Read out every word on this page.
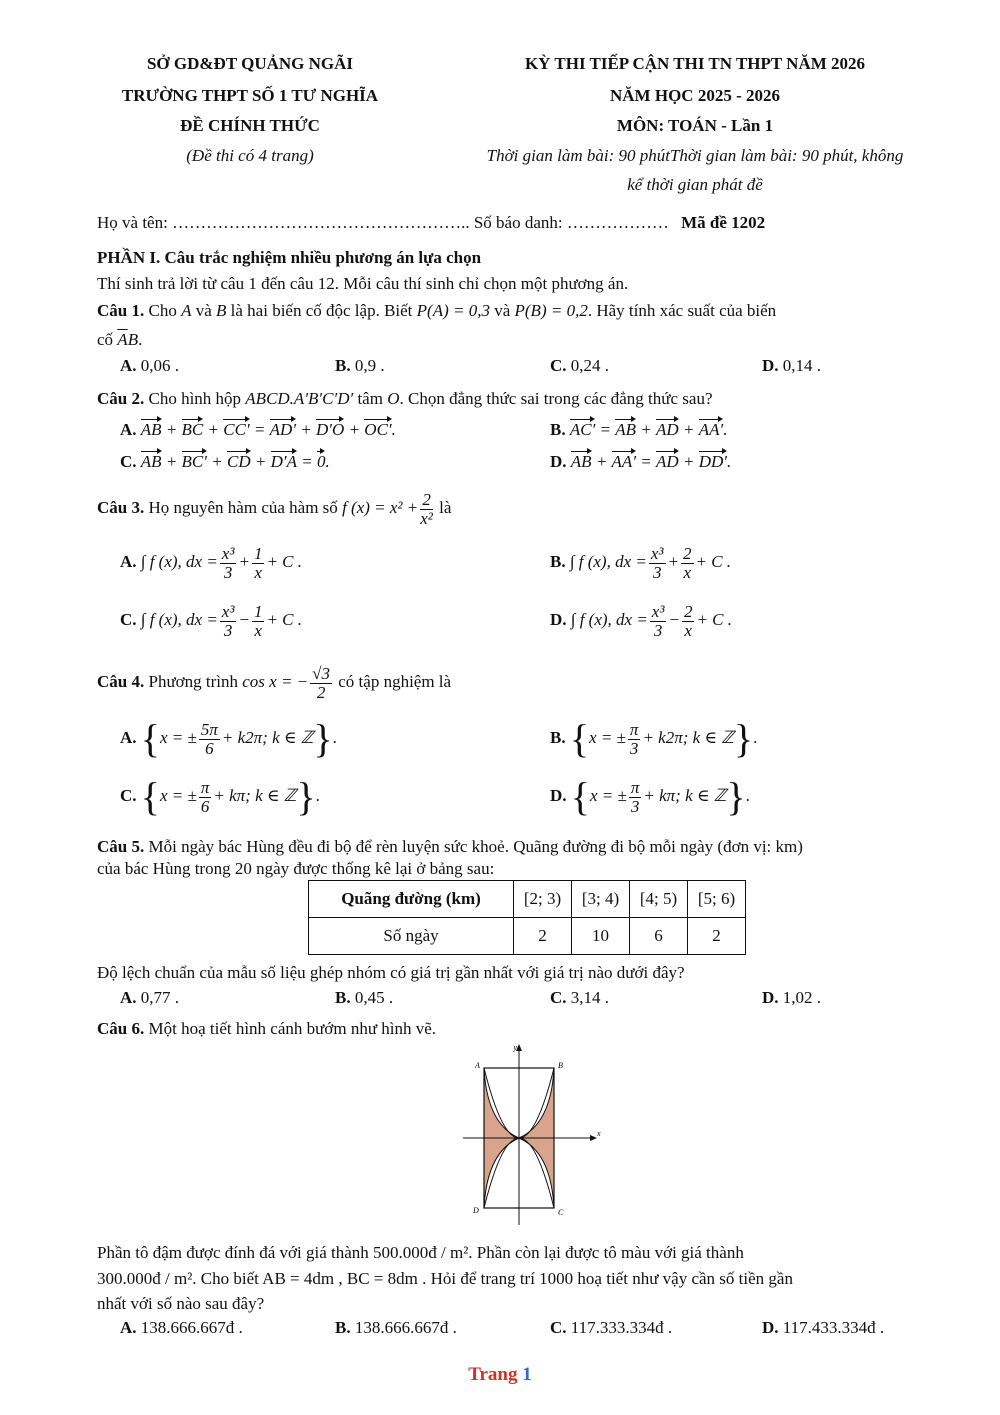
SỞ GD&ĐT QUẢNG NGÃI
TRƯỜNG THPT SỐ 1 TƯ NGHĨA
ĐỀ CHÍNH THỨC
(Đề thi có 4 trang)
KỲ THI TIẾP CẬN THI TN THPT NĂM 2026
NĂM HỌC 2025 - 2026
MÔN: TOÁN - Lần 1
Thời gian làm bài: 90 phútThời gian làm bài: 90 phút, không
kể thời gian phát đề
Họ và tên: …………………………………………….. Số báo danh: ……………… Mã đề 1202
PHẦN I. Câu trắc nghiệm nhiều phương án lựa chọn
Thí sinh trả lời từ câu 1 đến câu 12. Mỗi câu thí sinh chỉ chọn một phương án.
Câu 1. Cho A và B là hai biến cố độc lập. Biết P(A) = 0,3 và P(B) = 0,2. Hãy tính xác suất của biến
cố $\overline{A}B$.
A. 0,06 .	B. 0,9 .	C. 0,24 .	D. 0,14 .
Câu 2. Cho hình hộp ABCD.A′B′C′D′ tâm O. Chọn đẳng thức sai trong các đẳng thức sau?
A. AB + BC + CC′ = AD′ + D′O + OC′.	B. AC′ = AB + AD + AA′.
C. AB + BC′ + CD + D′A = 0.	D. AB + AA′ = AD + DD′.
Câu 3. Họ nguyên hàm của hàm số f $(x) = x^2 + \frac{2}{\text{x²}}$ là
A. ∫ f (x), dx = $\frac{\text{x³}}{3} + \frac{1}{x} + C$ .	B. ∫ f (x), dx = $\frac{\text{x³}}{3} + \frac{2}{x} + C$ .
C. ∫ f (x), dx = $\frac{\text{x³}}{3} - \frac{1}{x} + C$ .	D. ∫ f (x), dx = $\frac{\text{x³}}{3} - \frac{2}{x} + C$ .
Câu 4. Phương trình cos x = − $\frac{√3}{2}$ có tập nghiệm là
A. {x = ± $\frac{5\pi}{6} + k2\pi$; k ∈ ℤ}.	B. {x = ± $\frac{\pi}{3} + k2\pi$; k ∈ ℤ}.
C. {x = ± $\frac{\pi}{6} + k\pi$; k ∈ ℤ}.	D. {x = ± $\frac{\pi}{3} + k\pi$; k ∈ ℤ}.
Câu 5. Mỗi ngày bác Hùng đều đi bộ để rèn luyện sức khoẻ. Quãng đường đi bộ mỗi ngày (đơn vị: km)
của bác Hùng trong 20 ngày được thống kê lại ở bảng sau:
Quãng đường (km)	[2; 3)	[3; 4)	[4; 5)	[5; 6)
Số ngày	2	10	6	2
Độ lệch chuẩn của mẫu số liệu ghép nhóm có giá trị gần nhất với giá trị nào dưới đây?
A. 0,77 .	B. 0,45 .	C. 3,14 .	D. 1,02 .
Câu 6. Một hoạ tiết hình cánh bướm như hình vẽ.
y
x
A	B
C
D
Phần tô đậm được đính đá với giá thành 500.000đ / m². Phần còn lại được tô màu với giá thành
300.000đ / m². Cho biết AB = 4dm , BC = 8dm . Hỏi để trang trí 1000 hoạ tiết như vậy cần số tiền gần
nhất với số nào sau đây?
A. 138.666.667đ .	B. 138.666.667đ .	C. 117.333.334đ .	D. 117.433.334đ .
Trang 1
